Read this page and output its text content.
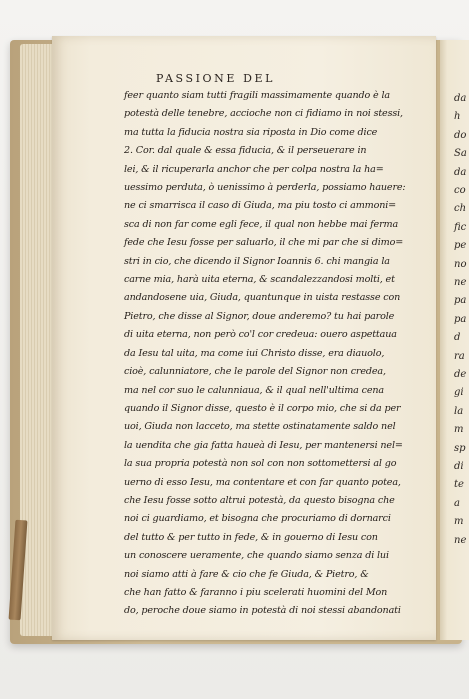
da
h
do
Sa
da
co
ch
fic
pe
no
ne
pa
pa
d
ra
de
gi
la
m
sp
di
te
a
m
ne
PASSIONE DEL
feer quanto siam tutti fragili massimamente quando è la
potestà delle tenebre, accioche non ci fidiamo in noi stessi,
ma tutta la fiducia nostra sia riposta in Dio come dice
2. Cor. dal quale & essa fiducia, & il perseuerare in
lei, & il ricuperarla anchor che per colpa nostra la ha=
uessimo perduta, ò uenissimo à perderla, possiamo hauere:
ne ci smarrisca il caso di Giuda, ma piu tosto ci ammoni=
sca di non far come egli fece, il qual non hebbe mai ferma
fede che Iesu fosse per saluarlo, il che mi par che si dimo=
stri in cio, che dicendo il Signor Ioannis 6. chi mangia la
carne mia, harà uita eterna, & scandalezzandosi molti, et
andandosene uia, Giuda, quantunque in uista restasse con
Pietro, che disse al Signor, doue anderemo? tu hai parole
di uita eterna, non però co'l cor credeua: ouero aspettaua
da Iesu tal uita, ma come iui Christo disse, era diauolo,
cioè, calunniatore, che le parole del Signor non credea,
ma nel cor suo le calunniaua, & il qual nell'ultima cena
quando il Signor disse, questo è il corpo mio, che si da per
uoi, Giuda non lacceto, ma stette ostinatamente saldo nel
la uendita che gia fatta haueà di Iesu, per mantenersi nel=
la sua propria potestà non sol con non sottomettersi al go
uerno di esso Iesu, ma contentare et con far quanto potea,
che Iesu fosse sotto altrui potestà, da questo bisogna che
noi ci guardiamo, et bisogna che procuriamo di dornarci
del tutto & per tutto in fede, & in gouerno di Iesu con
un conoscere ueramente, che quando siamo senza di lui
noi siamo atti à fare & cio che fe Giuda, & Pietro, &
che han fatto & faranno i piu scelerati huomini del Mon
do, peroche doue siamo in potestà di noi stessi abandonati
